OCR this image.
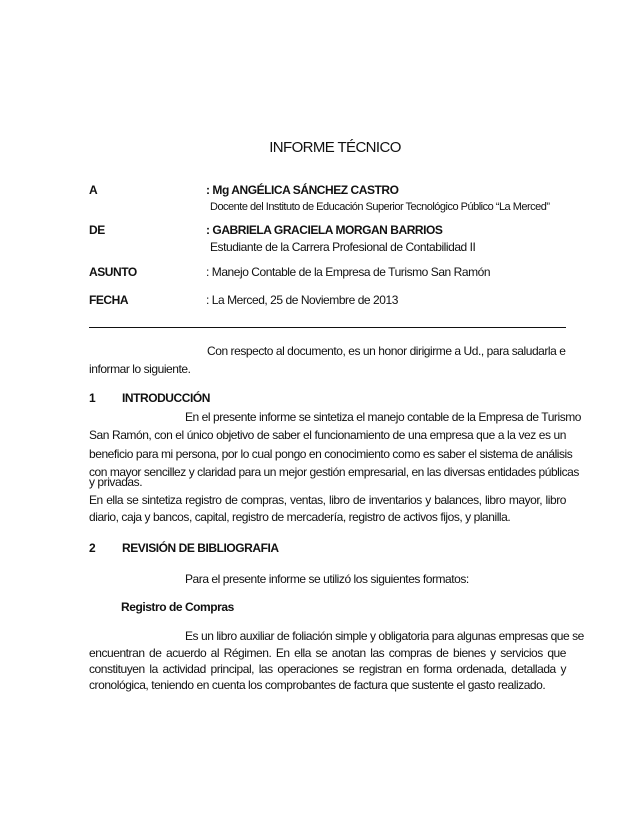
INFORME TÉCNICO
A	: Mg ANGÉLICA SÁNCHEZ CASTRO
Docente del Instituto de Educación Superior Tecnológico Público “La Merced”
DE	: GABRIELA GRACIELA MORGAN BARRIOS
Estudiante de la Carrera Profesional de Contabilidad II
ASUNTO	: Manejo Contable de la Empresa de Turismo San Ramón
FECHA	: La Merced, 25 de Noviembre de 2013
Con respecto al documento, es un honor dirigirme a Ud., para saludarla e
informar lo siguiente.
1 INTRODUCCIÓN
En el presente informe se sintetiza el manejo contable de la Empresa de Turismo
San Ramón, con el único objetivo de saber el funcionamiento de una empresa que a la vez es un
beneficio para mi persona, por lo cual pongo en conocimiento como es saber el sistema de análisis
con mayor sencillez y claridad para un mejor gestión empresarial, en las diversas entidades públicas
y privadas.
En ella se sintetiza registro de compras, ventas, libro de inventarios y balances, libro mayor, libro
diario, caja y bancos, capital, registro de mercadería, registro de activos fijos, y planilla.
2 REVISIÓN DE BIBLIOGRAFIA
Para el presente informe se utilizó los siguientes formatos:
Registro de Compras
Es un libro auxiliar de foliación simple y obligatoria para algunas empresas que se
encuentran de acuerdo al Régimen. En ella se anotan las compras de bienes y servicios que
constituyen la actividad principal, las operaciones se registran en forma ordenada, detallada y
cronológica, teniendo en cuenta los comprobantes de factura que sustente el gasto realizado.
